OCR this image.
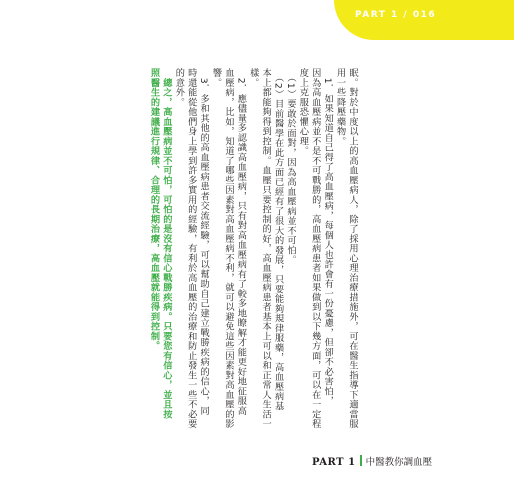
PART 1 / 016
眠。對於中度以上的高血壓病人，除了採用心理治療措施外，可在醫生指導下適當服
用一些降壓藥物。
　1．如果知道自己得了高血壓病，每個人也許會有一份憂慮，但卻不必害怕，
因為高血壓病並不是不可戰勝的，高血壓病患者如果做到以下幾方面，可以在一定程
度上克服恐懼心理。
　（1）要敢於面對，因為高血壓病並不可怕。
　（2）目前醫學在此方面已經有了很大的發展，只要能夠規律服藥，高血壓病基
本上都能夠得到控制。血壓只要控制的好，高血壓病患者基本上可以和正常人生活一
樣。
　2．應儘量多認識高血壓病，只有對高血壓病有了較多地瞭解才能更好地征服高
血壓病，比如，知道了哪些因素對高血壓病不利，就可以避免這些因素對高血壓的影
響。
　3．多和其他的高血壓病患者交流經驗，可以幫助自己建立戰勝疾病的信心，同
時還能從他們身上學到許多實用的經驗，有利於高血壓的治療和防止發生一些不必要
的意外。
　總之，高血壓病並不可怕，可怕的是沒有信心戰勝疾病。只要您有信心，並且按
照醫生的建議進行規律、合理的長期治療，高血壓就能得到控制。
PART 1 中醫教你調血壓
